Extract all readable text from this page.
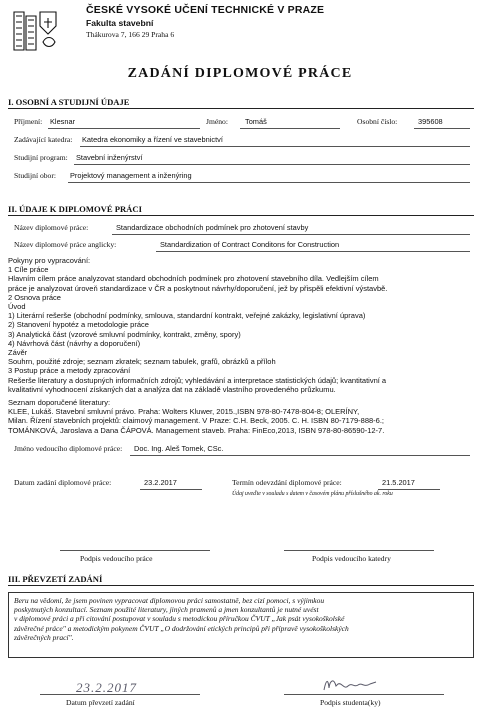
ČESKÉ VYSOKÉ UČENÍ TECHNICKÉ V PRAZE
Fakulta stavební
Thákurova 7, 166 29 Praha 6
ZADÁNÍ DIPLOMOVÉ PRÁCE
I. OSOBNÍ A STUDIJNÍ ÚDAJE
Příjmení: Klesnar	Jméno: Tomáš	Osobní číslo:	395608
Zadávající katedra: Katedra ekonomiky a řízení ve stavebnictví
Studijní program: Stavební inženýrství
Studijní obor: Projektový management a inženýring
II. ÚDAJE K DIPLOMOVÉ PRÁCI
Název diplomové práce:	Standardizace obchodních podmínek pro zhotovení stavby
Název diplomové práce anglicky:	Standardization of Contract Conditons for Construction
Pokyny pro vypracování:
1 Cíle práce
Hlavním cílem práce analyzovat standard obchodních podmínek pro zhotovení stavebního díla. Vedlejším cílem
práce je analyzovat úroveň standardizace v ČR a poskytnout návrhy/doporučení, jež by přispěli efektivní výstavbě.
2 Osnova práce
Úvod
1) Literární rešerše (obchodní podmínky, smlouva, standardní kontrakt, veřejné zakázky, legislativní úprava)
2) Stanovení hypotéz a metodologie práce
3) Analytická část (vzorové smluvní podmínky, kontrakt, změny, spory)
4) Návrhová část (návrhy a doporučení)
Závěr
Souhrn, použité zdroje; seznam zkratek; seznam tabulek, grafů, obrázků a příloh
3 Postup práce a metody zpracování
Rešerše literatury a dostupných informačních zdrojů; vyhledávání a interpretace statistických údajů; kvantitativní a
kvalitativní vyhodnocení získaných dat a analýza dat na základě vlastního provedeného průzkumu.
Seznam doporučené literatury:
KLEE, Lukáš. Stavební smluvní právo. Praha: Wolters Kluwer, 2015.,ISBN 978-80-7478-804-8; OLERÍNY,
Milan. Řízení stavebních projektů: claimový management. V Praze: C.H. Beck, 2005. C. H. ISBN 80-7179-888-6.;
TOMÁNKOVÁ, Jaroslava a Dana ČÁPOVÁ. Management staveb. Praha: FinEco,2013, ISBN 978-80-86590-12-7.
Jméno vedoucího diplomové práce: Doc. Ing. Aleš Tomek, CSc.
Datum zadání diplomové práce:	23.2.2017	Termín odevzdání diplomové práce:	21.5.2017
Údaj uveďte v souladu s datem v časovém plánu příslušného ak. roku
Podpis vedoucího práce	Podpis vedoucího katedry
III. PŘEVZETÍ ZADÁNÍ
Beru na vědomí, že jsem povinen vypracovat diplomovou práci samostatně, bez cizí pomoci, s výjimkou
poskytnutých konzultací. Seznam použité literatury, jiných pramenů a jmen konzultantů je nutné uvést
v diplomové práci a při citování postupovat v souladu s metodickou příručkou ČVUT „Jak psát vysokoškolské
závěrečné práce" a metodickým pokynem ČVUT „O dodržování etických principů při přípravě vysokoškolských
závěrečných prací".
23.2.2017
Datum převzetí zadání	Podpis studenta(ky)
